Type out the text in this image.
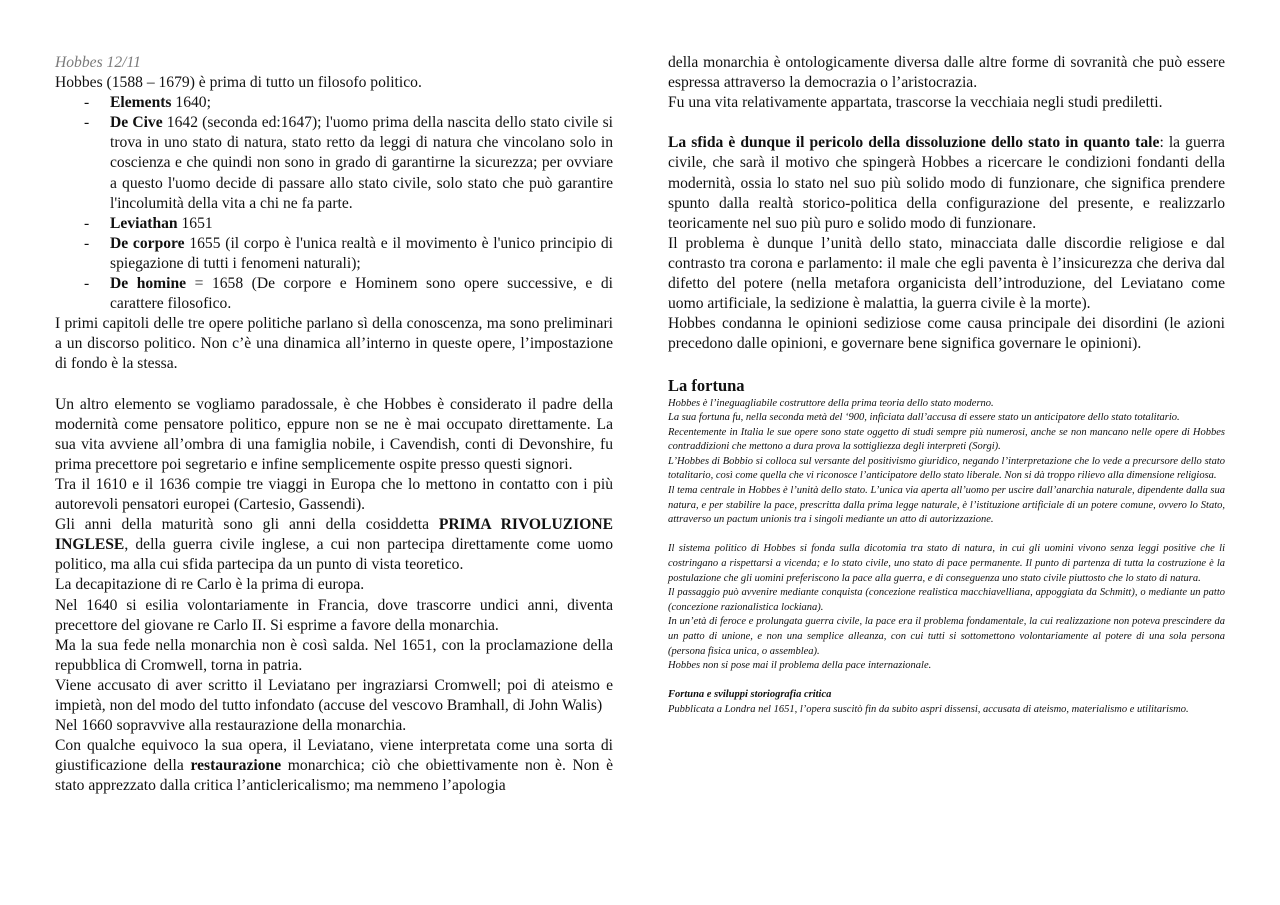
Hobbes 12/11

Hobbes (1588 – 1679) è prima di tutto un filosofo politico.

- Elements 1640;

- De Cive 1642 (seconda ed:1647); l'uomo prima della nascita dello stato civile si trova in uno stato di natura, stato retto da leggi di natura che vincolano solo in coscienza e che quindi non sono in grado di garantirne la sicurezza; per ovviare a questo l'uomo decide di passare allo stato civile, solo stato che può garantire l'incolumità della vita a chi ne fa parte.

- Leviathan 1651

- De corpore 1655 (il corpo è l'unica realtà e il movimento è l'unico principio di spiegazione di tutti i fenomeni naturali);

- De homine = 1658 (De corpore e Hominem sono opere successive, e di carattere filosofico.

I primi capitoli delle tre opere politiche parlano sì della conoscenza, ma sono preliminari a un discorso politico. Non c’è una dinamica all’interno in queste opere, l’impostazione di fondo è la stessa.

Un altro elemento se vogliamo paradossale, è che Hobbes è considerato il padre della modernità come pensatore politico, eppure non se ne è mai occupato direttamente. La sua vita avviene all’ombra di una famiglia nobile, i Cavendish, conti di Devonshire, fu prima precettore poi segretario e infine semplicemente ospite presso questi signori.

Tra il 1610 e il 1636 compie tre viaggi in Europa che lo mettono in contatto con i più autorevoli pensatori europei (Cartesio, Gassendi).

Gli anni della maturità sono gli anni della cosiddetta PRIMA RIVOLUZIONE INGLESE, della guerra civile inglese, a cui non partecipa direttamente come uomo politico, ma alla cui sfida partecipa da un punto di vista teoretico.

La decapitazione di re Carlo è la prima di europa.

Nel 1640 si esilia volontariamente in Francia, dove trascorre undici anni, diventa precettore del giovane re Carlo II. Si esprime a favore della monarchia.

Ma la sua fede nella monarchia non è così salda. Nel 1651, con la proclamazione della repubblica di Cromwell, torna in patria.

Viene accusato di aver scritto il Leviatano per ingraziarsi Cromwell; poi di ateismo e impietà, non del modo del tutto infondato (accuse del vescovo Bramhall, di John Walis)

Nel 1660 sopravvive alla restaurazione della monarchia.

Con qualche equivoco la sua opera, il Leviatano, viene interpretata come una sorta di giustificazione della restaurazione monarchica; ciò che obiettivamente non è. Non è stato apprezzato dalla critica l’anticlericalismo; ma nemmeno l’apologia

della monarchia è ontologicamente diversa dalle altre forme di sovranità che può essere espressa attraverso la democrazia o l’aristocrazia.

Fu una vita relativamente appartata, trascorse la vecchiaia negli studi prediletti.

La sfida è dunque il pericolo della dissoluzione dello stato in quanto tale: la guerra civile, che sarà il motivo che spingerà Hobbes a ricercare le condizioni fondanti della modernità, ossia lo stato nel suo più solido modo di funzionare, che significa prendere spunto dalla realtà storico-politica della configurazione del presente, e realizzarlo teoricamente nel suo più puro e solido modo di funzionare.

Il problema è dunque l’unità dello stato, minacciata dalle discordie religiose e dal contrasto tra corona e parlamento: il male che egli paventa è l’insicurezza che deriva dal difetto del potere (nella metafora organicista dell’introduzione, del Leviatano come uomo artificiale, la sedizione è malattia, la guerra civile è la morte).

Hobbes condanna le opinioni sediziose come causa principale dei disordini (le azioni precedono dalle opinioni, e governare bene significa governare le opinioni).

La fortuna

Hobbes è l’ineguagliabile costruttore della prima teoria dello stato moderno.

La sua fortuna fu, nella seconda metà del ‘900, inficiata dall’accusa di essere stato un anticipatore dello stato totalitario.

Recentemente in Italia le sue opere sono state oggetto di studi sempre più numerosi, anche se non mancano nelle opere di Hobbes contraddizioni che mettono a dura prova la sottigliezza degli interpreti (Sorgi).

L’Hobbes di Bobbio si colloca sul versante del positivismo giuridico, negando l’interpretazione che lo vede a precursore dello stato totalitario, così come quella che vi riconosce l’anticipatore dello stato liberale. Non si dà troppo rilievo alla dimensione religiosa.

Il tema centrale in Hobbes è l’unità dello stato. L’unica via aperta all’uomo per uscire dall’anarchia naturale, dipendente dalla sua natura, e per stabilire la pace, prescritta dalla prima legge naturale, è l’istituzione artificiale di un potere comune, ovvero lo Stato, attraverso un pactum unionis tra i singoli mediante un atto di autorizzazione.

Il sistema politico di Hobbes si fonda sulla dicotomia tra stato di natura, in cui gli uomini vivono senza leggi positive che li costringano a rispettarsi a vicenda; e lo stato civile, uno stato di pace permanente. Il punto di partenza di tutta la costruzione è la postulazione che gli uomini preferiscono la pace alla guerra, e di conseguenza uno stato civile piuttosto che lo stato di natura.

Il passaggio può avvenire mediante conquista (concezione realistica macchiavelliana, appoggiata da Schmitt), o mediante un patto (concezione razionalistica lockiana).

In un’età di feroce e prolungata guerra civile, la pace era il problema fondamentale, la cui realizzazione non poteva prescindere da un patto di unione, e non una semplice alleanza, con cui tutti si sottomettono volontariamente al potere di una sola persona (persona fisica unica, o assemblea).

Hobbes non si pose mai il problema della pace internazionale.

Fortuna e sviluppi storiografia critica

Pubblicata a Londra nel 1651, l’opera suscitò fin da subito aspri dissensi, accusata di ateismo, materialismo e utilitarismo.
